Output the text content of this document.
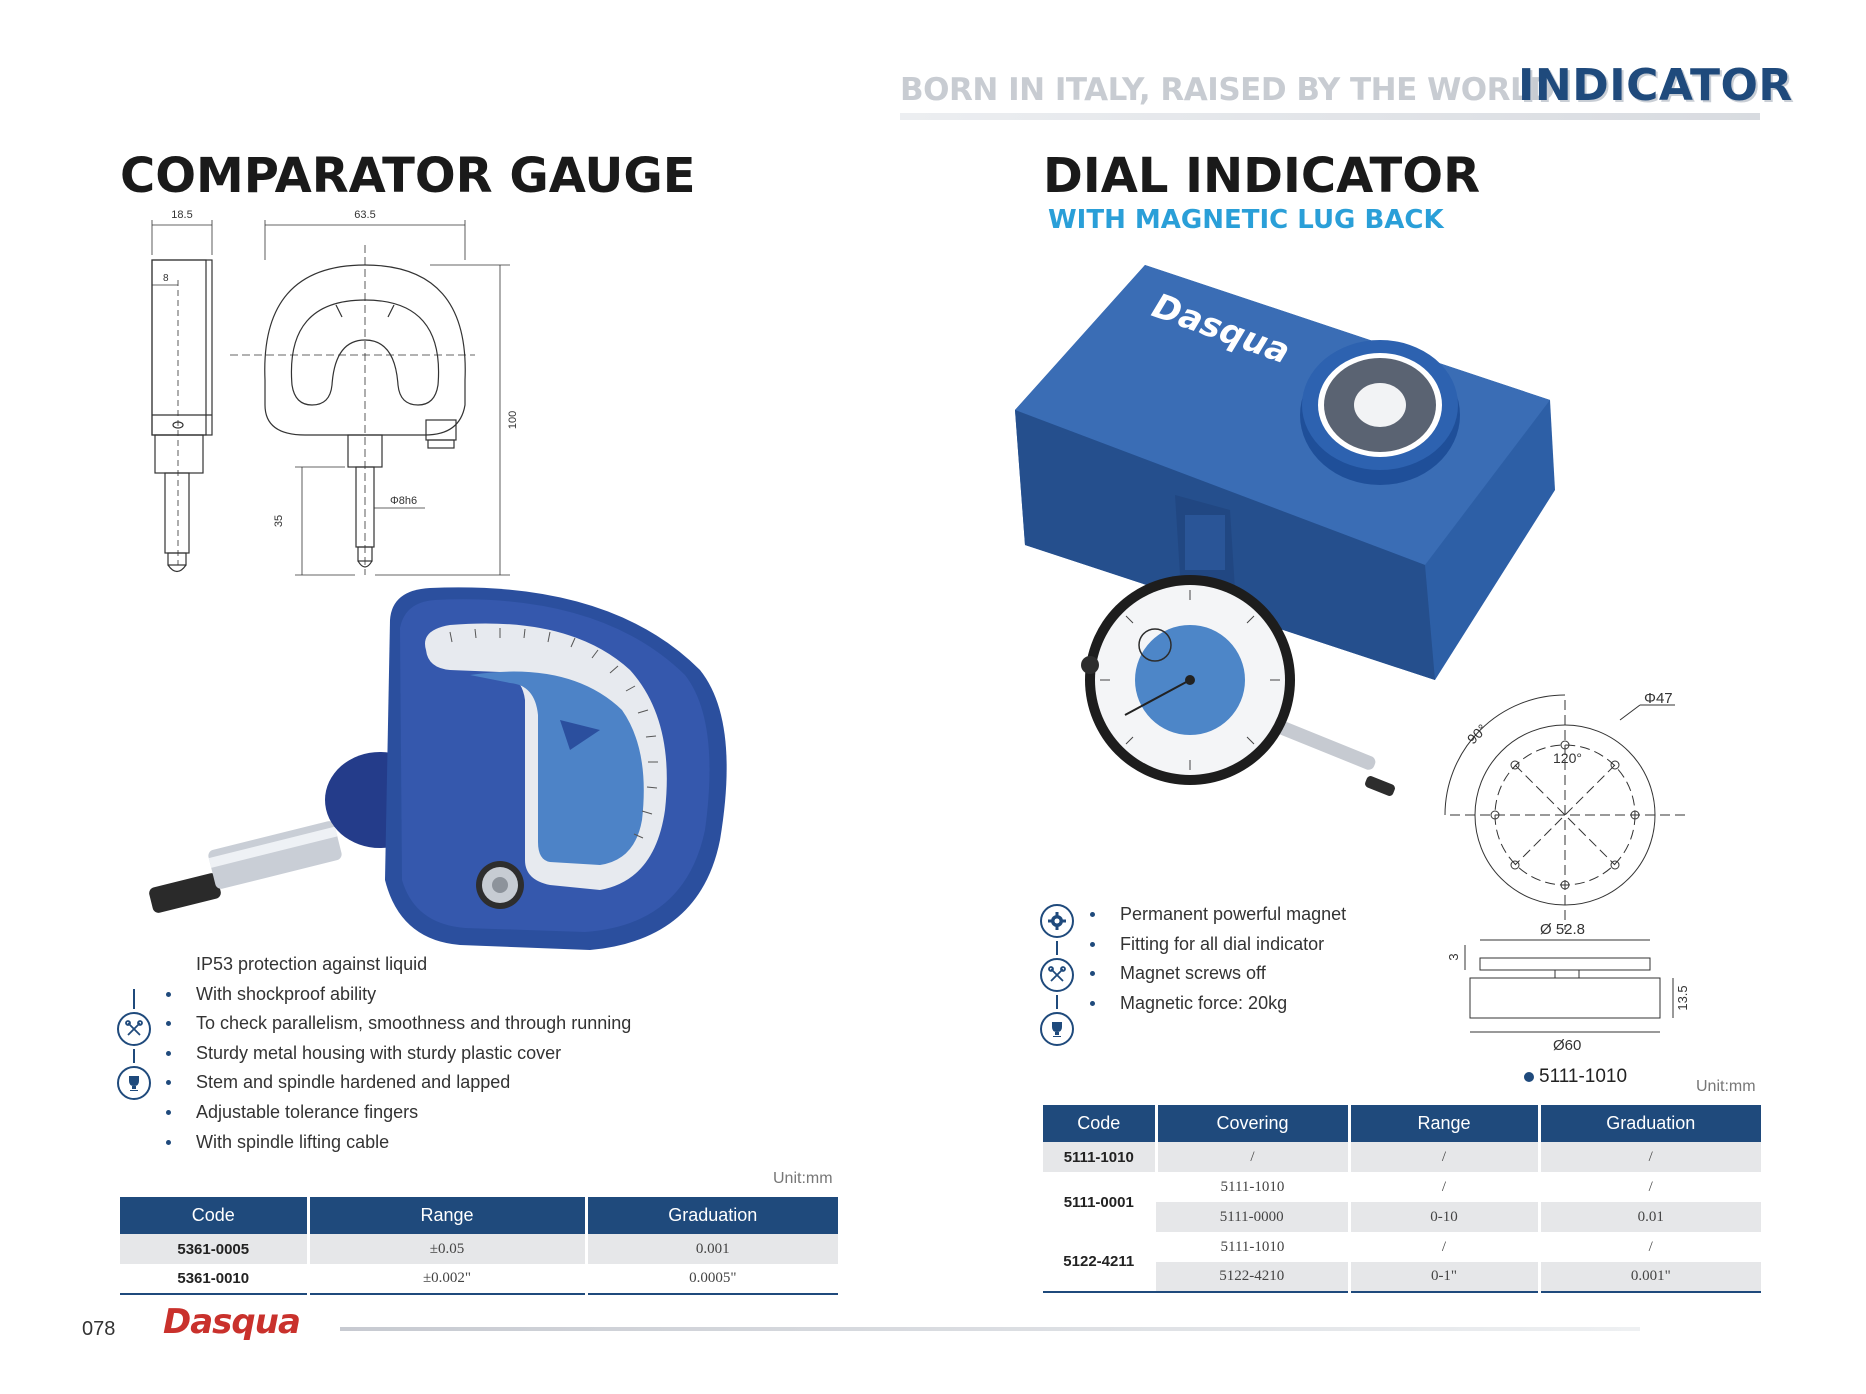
BORN IN ITALY, RAISED BY THE WORLD
INDICATOR
COMPARATOR GAUGE
18.5	63.5
8
100
35
Φ8h6
IP53 protection against liquid
With shockproof ability
To check parallelism, smoothness and through running
Sturdy metal housing with sturdy plastic cover
Stem and spindle hardened and lapped
Adjustable tolerance fingers
With spindle lifting cable
Unit:mm
Code	Range	Graduation
5361-0005	±0.05	0.001
5361-0010	±0.002"	0.0005"
DIAL INDICATOR
WITH MAGNETIC LUG BACK
Dasqua
90°
120°
Φ47
Ø 52.8
Ø60
3
13.5
5111-1010
Permanent powerful magnet
Fitting for all dial indicator
Magnet screws off
Magnetic force: 20kg
Unit:mm
Code	Covering	Range	Graduation
5111-1010	/	/	/
5111-0001	5111-1010	/	/
	5111-0000	0-10	0.01
5122-4211	5111-1010	/	/
	5122-4210	0-1"	0.001"
078 Dasqua
